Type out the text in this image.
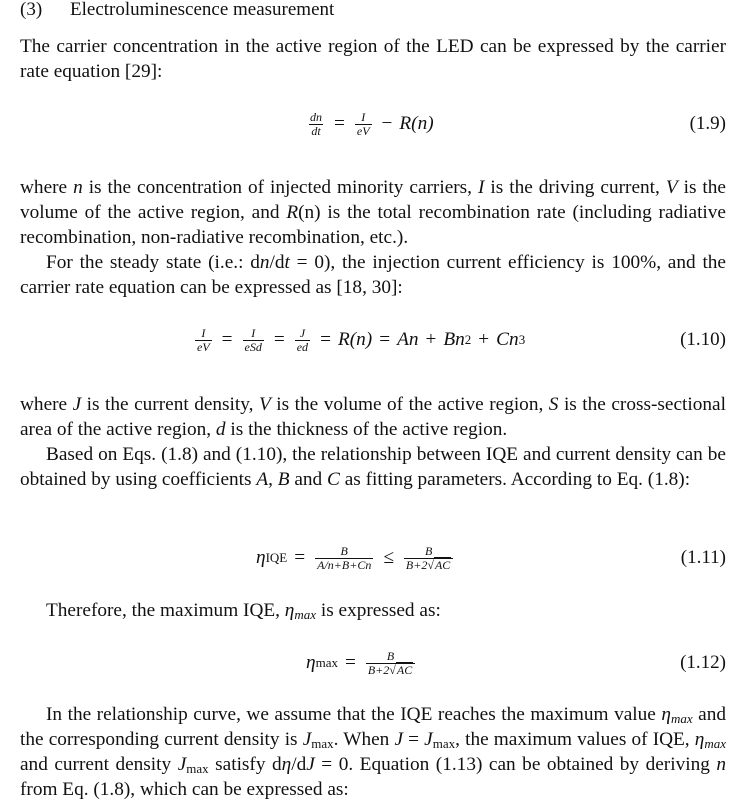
(3) Electroluminescence measurement

The carrier concentration in the active region of the LED can be expressed by the carrier rate equation [29]:

$\frac{dn}{dt} = \frac{I}{eV} - R(n)$	(1.9)

where n is the concentration of injected minority carriers, I is the driving current, V is the volume of the active region, and R(n) is the total recombination rate (including radiative recombination, non-radiative recombination, etc.).

For the steady state (i.e.: dn/dt = 0), the injection current efficiency is 100%, and the carrier rate equation can be expressed as [18, 30]:

$\frac{I}{eV} = \frac{I}{\text{eSd}} = \frac{J}{ed} = R(n) = An + Bn$ 2 + Cn 3	(1.10)

where J is the current density, V is the volume of the active region, S is the cross-sectional area of the active region, d is the thickness of the active region.

Based on Eqs. (1.8) and (1.10), the relationship between IQE and current density can be obtained by using coefficients A, B and C as fitting parameters. According to Eq. (1.8):

η IQE = $\frac{B}{A/n+B+Cn} \le \frac{B}{B+2√AC}$	(1.11)

Therefore, the maximum IQE, $\eta_{max}$ is expressed as:

η $\max = \frac{B}{B+2√AC}$	(1.12)

In the relationship curve, we assume that the IQE reaches the maximum value $\eta_{max}$ and the corresponding current density is $J_{max}$. When $J = J_{max}$, the maximum values of IQE, $\eta_{max}$ and current density $J_{max}$ satisfy dη/dJ = 0. Equation (1.13) can be obtained by deriving n from Eq. (1.8), which can be expressed as:
